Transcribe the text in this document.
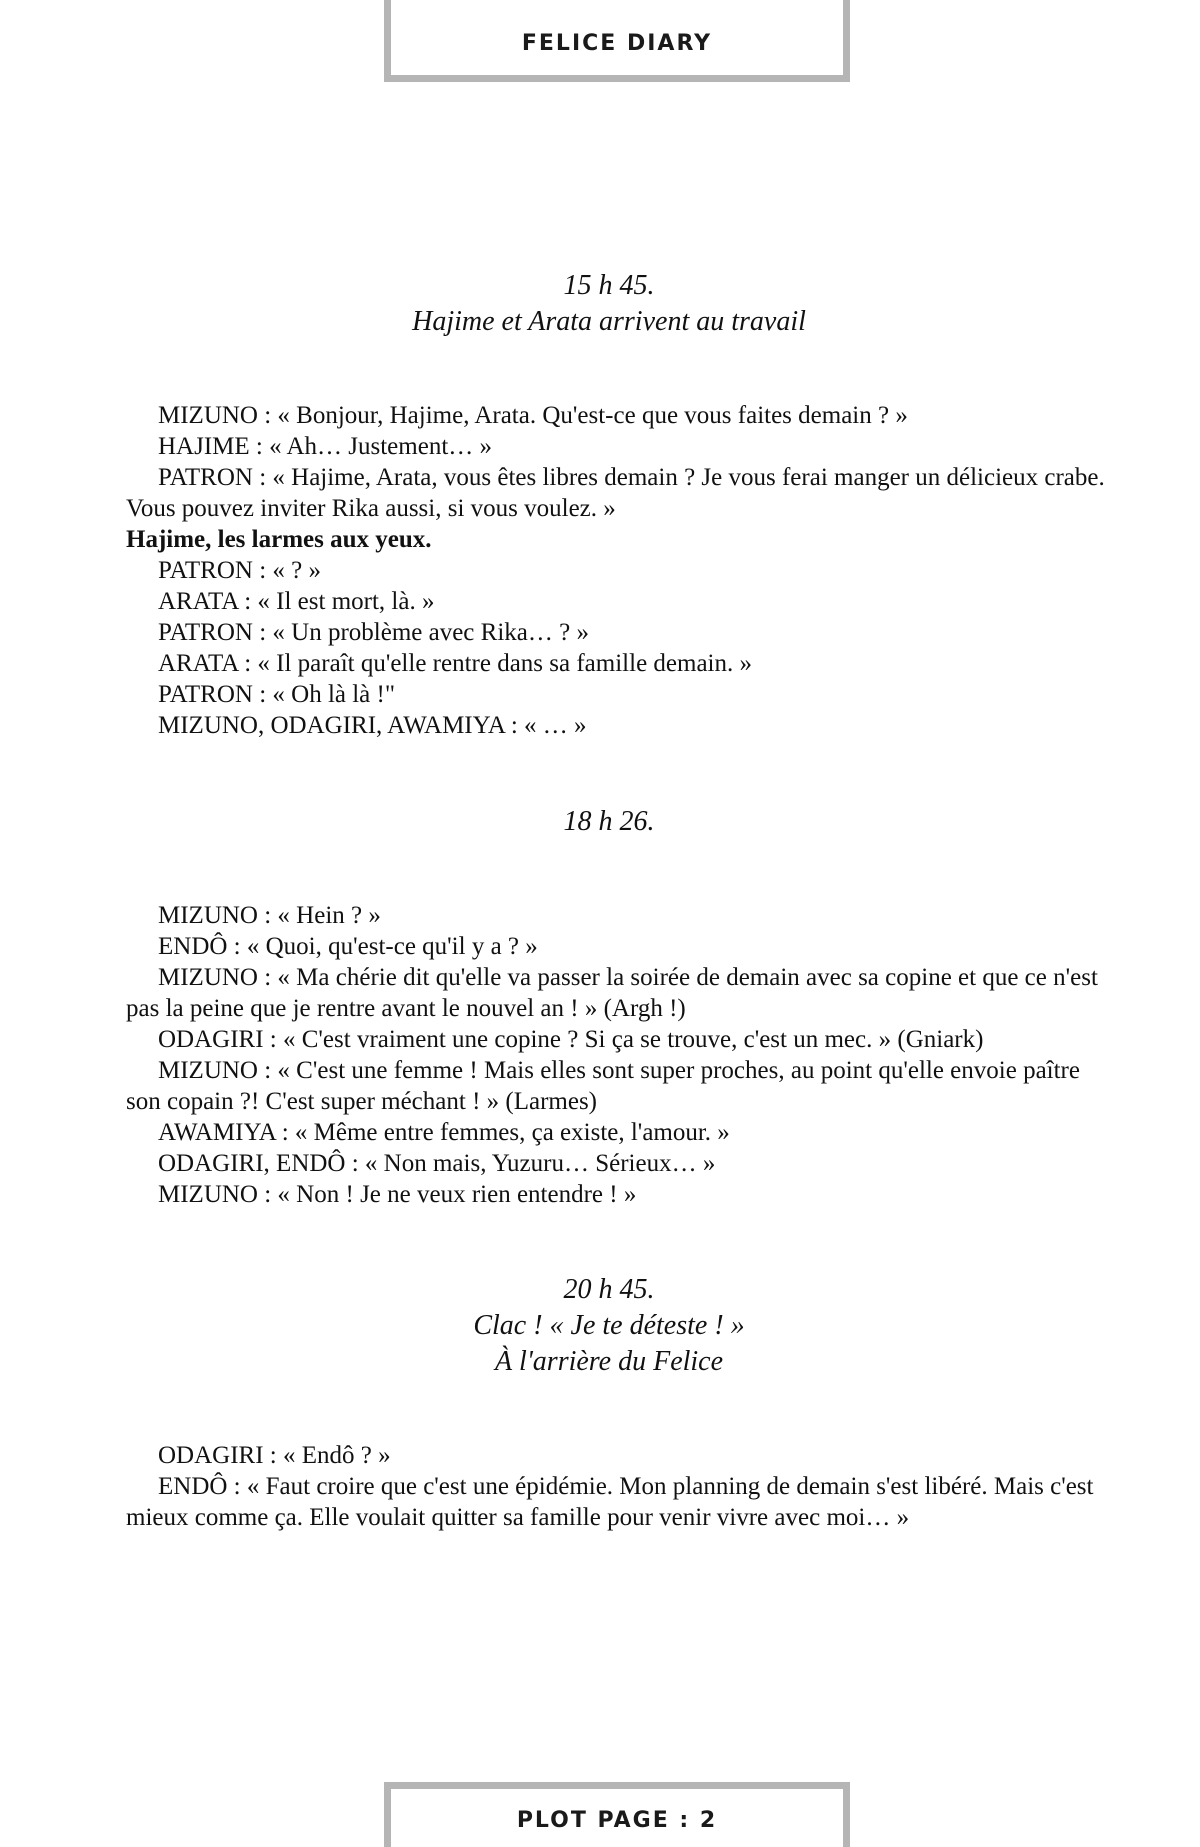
FELICE DIARY
15 h 45.
Hajime et Arata arrivent au travail

MIZUNO : « Bonjour, Hajime, Arata. Qu'est-ce que vous faites demain ? »

HAJIME : « Ah… Justement… »

PATRON : « Hajime, Arata, vous êtes libres demain ? Je vous ferai manger un délicieux crabe. Vous pouvez inviter Rika aussi, si vous voulez. »

Hajime, les larmes aux yeux.

PATRON : « ? »

ARATA : « Il est mort, là. »

PATRON : « Un problème avec Rika… ? »

ARATA : « Il paraît qu'elle rentre dans sa famille demain. »

PATRON : « Oh là là !"

MIZUNO, ODAGIRI, AWAMIYA : « … »

18 h 26.

MIZUNO : « Hein ? »

ENDÔ : « Quoi, qu'est-ce qu'il y a ? »

MIZUNO : « Ma chérie dit qu'elle va passer la soirée de demain avec sa copine et que ce n'est pas la peine que je rentre avant le nouvel an ! » (Argh !)

ODAGIRI : « C'est vraiment une copine ? Si ça se trouve, c'est un mec. » (Gniark)

MIZUNO : « C'est une femme ! Mais elles sont super proches, au point qu'elle envoie paître son copain ?! C'est super méchant ! » (Larmes)

AWAMIYA : « Même entre femmes, ça existe, l'amour. »

ODAGIRI, ENDÔ : « Non mais, Yuzuru… Sérieux… »

MIZUNO : « Non ! Je ne veux rien entendre ! »

20 h 45.
Clac ! « Je te déteste ! »
À l'arrière du Felice

ODAGIRI : « Endô ? »

ENDÔ : « Faut croire que c'est une épidémie. Mon planning de demain s'est libéré. Mais c'est mieux comme ça. Elle voulait quitter sa famille pour venir vivre avec moi… »

PLOT PAGE : 2
